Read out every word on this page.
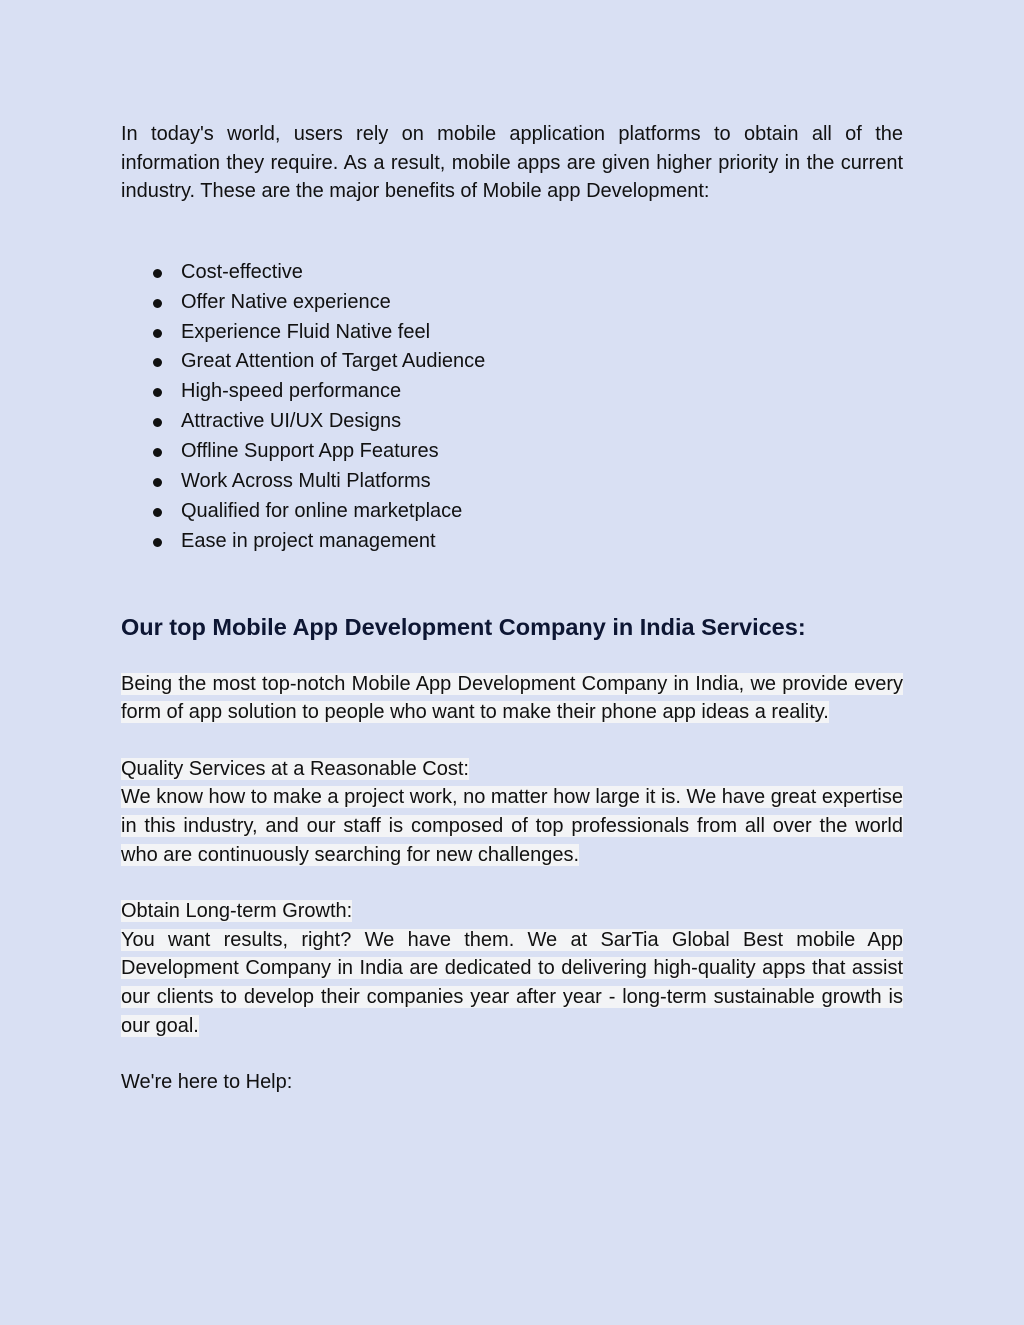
In today's world, users rely on mobile application platforms to obtain all of the information they require. As a result, mobile apps are given higher priority in the current industry. These are the major benefits of Mobile app Development:

Cost-effective
Offer Native experience
Experience Fluid Native feel
Great Attention of Target Audience
High-speed performance
Attractive UI/UX Designs
Offline Support App Features
Work Across Multi Platforms
Qualified for online marketplace
Ease in project management
Our top Mobile App Development Company in India Services:

Being the most top-notch Mobile App Development Company in India, we provide every form of app solution to people who want to make their phone app ideas a reality.

Quality Services at a Reasonable Cost:

We know how to make a project work, no matter how large it is. We have great expertise in this industry, and our staff is composed of top professionals from all over the world who are continuously searching for new challenges.

Obtain Long-term Growth:

You want results, right? We have them. We at SarTia Global Best mobile App Development Company in India are dedicated to delivering high-quality apps that assist our clients to develop their companies year after year - long-term sustainable growth is our goal.

We're here to Help:
